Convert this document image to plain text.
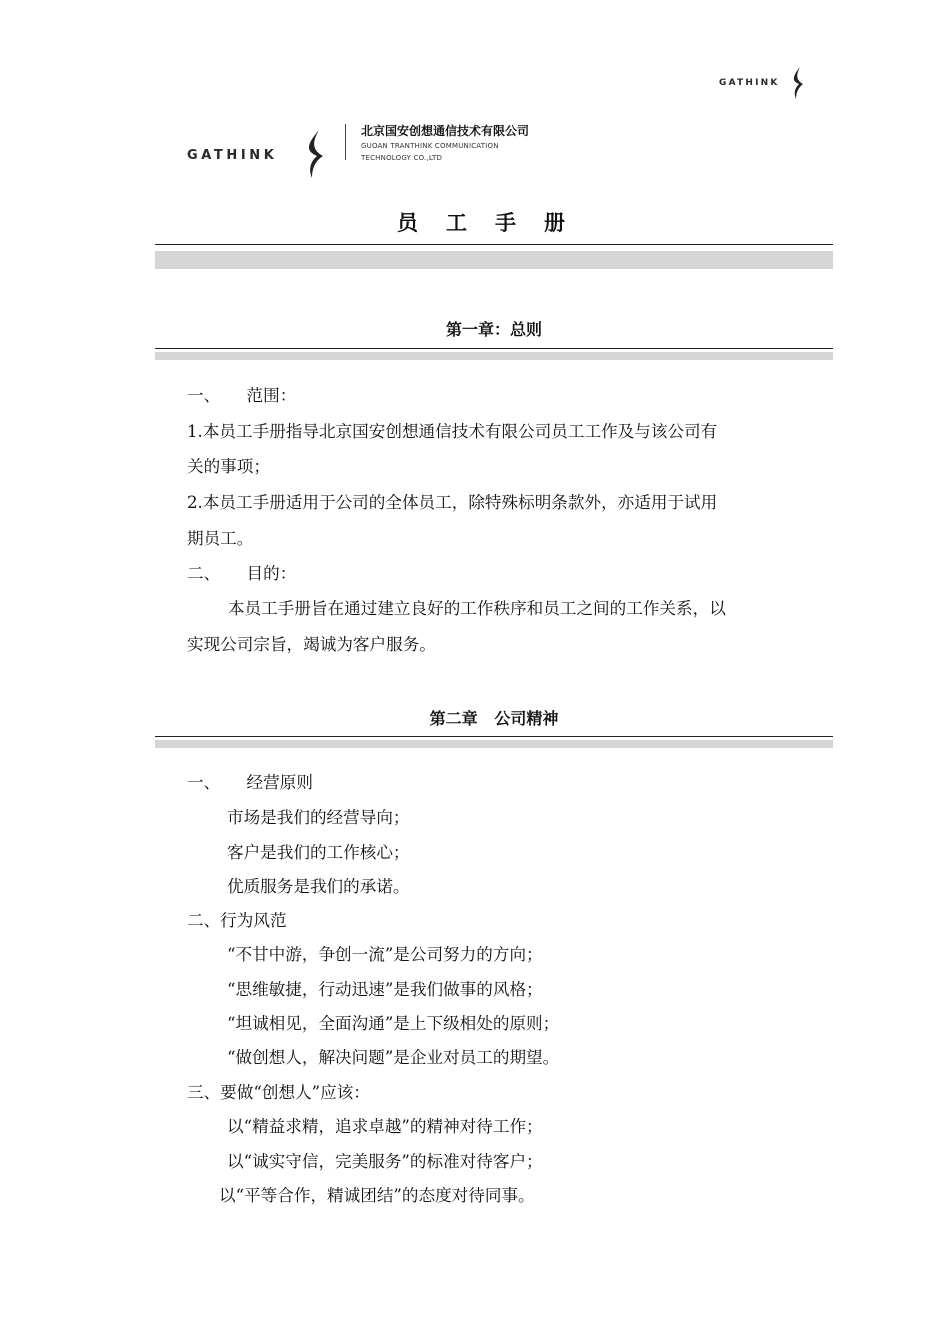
GATHINK
GATHINK
北京国安创想通信技术有限公司
GUOAN TRANTHINK COMMUNICATION
TECHNOLOGY CO.,LTD
员工手册
第一章：总则
一、     范围：
1.本员工手册指导北京国安创想通信技术有限公司员工工作及与该公司有
关的事项；
2.本员工手册适用于公司的全体员工，除特殊标明条款外，亦适用于试用
期员工。
二、     目的：
本员工手册旨在通过建立良好的工作秩序和员工之间的工作关系，以
实现公司宗旨，竭诚为客户服务。
第二章   公司精神
一、     经营原则
市场是我们的经营导向；
客户是我们的工作核心；
优质服务是我们的承诺。
二、行为风范
“不甘中游，争创一流”是公司努力的方向；
“思维敏捷，行动迅速”是我们做事的风格；
“坦诚相见，全面沟通”是上下级相处的原则；
“做创想人，解决问题”是企业对员工的期望。
三、要做“创想人”应该：
以“精益求精，追求卓越”的精神对待工作；
以“诚实守信，完美服务”的标准对待客户；
以“平等合作，精诚团结”的态度对待同事。
